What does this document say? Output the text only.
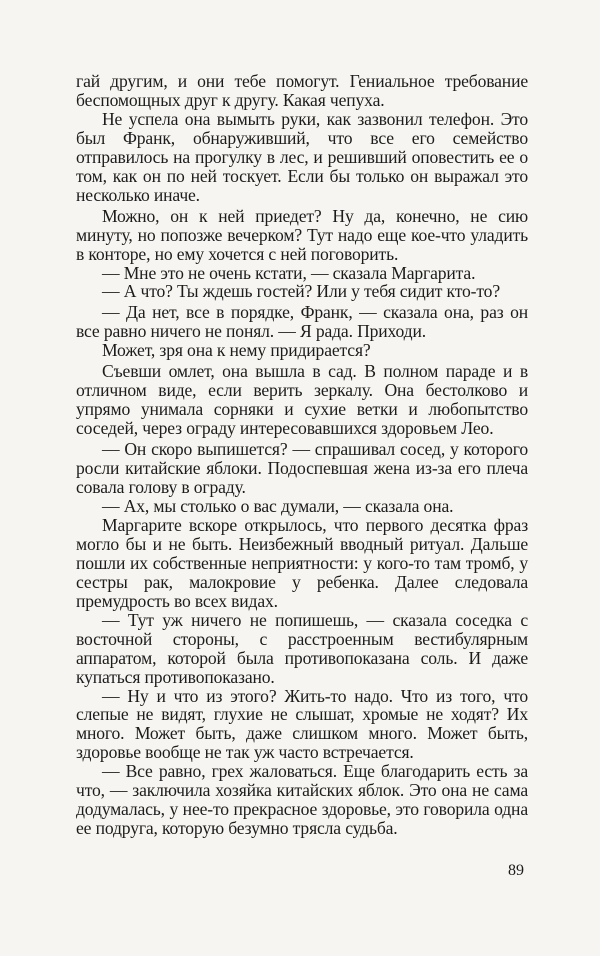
гай другим, и они тебе помогут. Гениальное требование беспомощных друг к другу. Какая чепуха.

Не успела она вымыть руки, как зазвонил телефон. Это был Франк, обнаруживший, что все его семейство отправилось на прогулку в лес, и решивший оповестить ее о том, как он по ней тоскует. Если бы только он выражал это несколько иначе.

Можно, он к ней приедет? Ну да, конечно, не сию минуту, но попозже вечерком? Тут надо еще кое-что уладить в конторе, но ему хочется с ней поговорить.

— Мне это не очень кстати, — сказала Маргарита.

— А что? Ты ждешь гостей? Или у тебя сидит кто-то?

— Да нет, все в порядке, Франк, — сказала она, раз он все равно ничего не понял. — Я рада. Приходи.

Может, зря она к нему придирается?

Съевши омлет, она вышла в сад. В полном параде и в отличном виде, если верить зеркалу. Она бестолково и упрямо унимала сорняки и сухие ветки и любопытство соседей, через ограду интересовавшихся здоровьем Лео.

— Он скоро выпишется? — спрашивал сосед, у которого росли китайские яблоки. Подоспевшая жена из-за его плеча совала голову в ограду.

— Ах, мы столько о вас думали, — сказала она.

Маргарите вскоре открылось, что первого десятка фраз могло бы и не быть. Неизбежный вводный ритуал. Дальше пошли их собственные неприятности: у кого-то там тромб, у сестры рак, малокровие у ребенка. Далее следовала премудрость во всех видах.

— Тут уж ничего не попишешь, — сказала соседка с восточной стороны, с расстроенным вестибулярным аппаратом, которой была противопоказана соль. И даже купаться противопоказано.

— Ну и что из этого? Жить-то надо. Что из того, что слепые не видят, глухие не слышат, хромые не ходят? Их много. Может быть, даже слишком много. Может быть, здоровье вообще не так уж часто встречается.

— Все равно, грех жаловаться. Еще благодарить есть за что, — заключила хозяйка китайских яблок. Это она не сама додумалась, у нее-то прекрасное здоровье, это говорила одна ее подруга, которую безумно трясла судьба.

89
